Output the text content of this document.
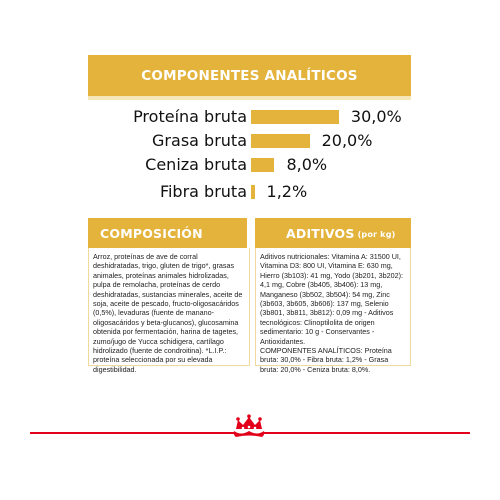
COMPONENTES ANALÍTICOS
Proteína bruta	30,0%
Grasa bruta	20,0%
Ceniza bruta 8,0%
Fibra bruta 1,2%
COMPOSICIÓN	ADITIVOS (por kg)
Arroz, proteínas de ave de corral deshidratadas, trigo, gluten de trigo*, grasas animales, proteínas animales hidrolizadas, pulpa de remolacha, proteínas de cerdo deshidratadas, sustancias minerales, aceite de soja, aceite de pescado, fructo-oligosacáridos (0,5%), levaduras (fuente de manano-oligosacáridos y beta-glucanos), glucosamina obtenida por fermentación, harina de tagetes, zumo/jugo de Yucca schidigera, cartílago hidrolizado (fuente de condroitina). *L.I.P.: proteína seleccionada por su elevada digestibilidad.
Aditivos nutricionales: Vitamina A: 31500 UI, Vitamina D3: 800 UI, Vitamina E: 630 mg, Hierro (3b103): 41 mg, Yodo (3b201, 3b202): 4,1 mg, Cobre (3b405, 3b406): 13 mg, Manganeso (3b502, 3b504): 54 mg, Zinc (3b603, 3b605, 3b606): 137 mg, Selenio (3b801, 3b811, 3b812): 0,09 mg - Aditivos tecnológicos: Clinoptilolita de origen sedimentario: 10 g - Conservantes - Antioxidantes.
COMPONENTES ANALÍTICOS: Proteína bruta: 30,0% - Fibra bruta: 1,2% - Grasa bruta: 20,0% - Ceniza bruta: 8,0%.
